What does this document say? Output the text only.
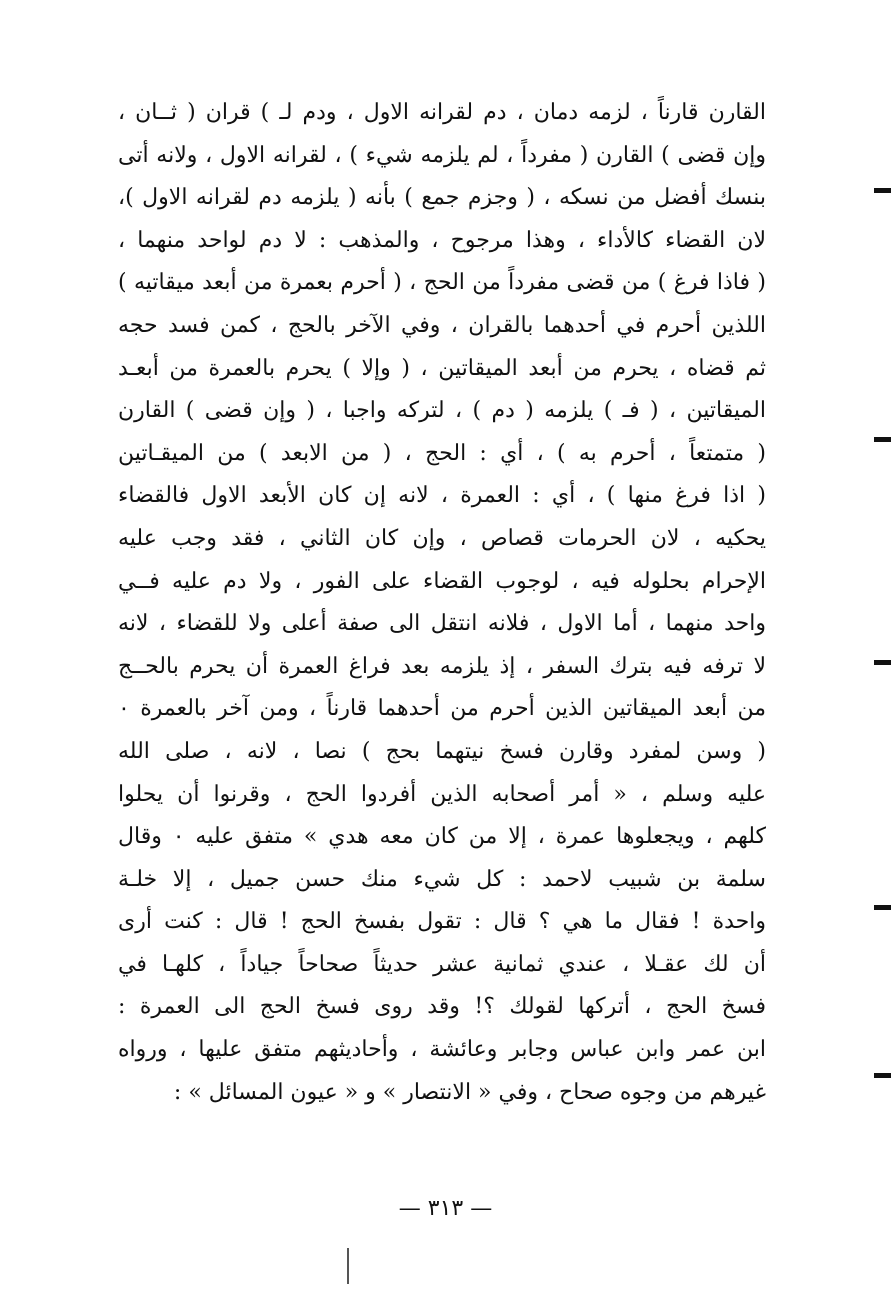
القارن قارناً ، لزمه دمان ، دم لقرانه الاول ، ودم لـ ) قران ( ثــان ،
وإن قضى ) القارن ( مفرداً ، لم يلزمه شيء ) ، لقرانه الاول ، ولانه أتى
بنسك أفضل من نسكه ، ( وجزم جمع ) بأنه ( يلزمه دم لقرانه الاول )،
لان القضاء كالأداء ، وهذا مرجوح ، والمذهب : لا دم لواحد منهما ،
( فاذا فرغ ) من قضى مفرداً من الحج ، ( أحرم بعمرة من أبعد ميقاتيه )
اللذين أحرم في أحدهما بالقران ، وفي الآخر بالحج ، كمن فسد حجه
ثم قضاه ، يحرم من أبعد الميقاتين ، ( وإلا ) يحرم بالعمرة من أبعـد
الميقاتين ، ( فـ ) يلزمه ( دم ) ، لتركه واجبا ، ( وإن قضى ) القارن
( متمتعاً ، أحرم به ) ، أي : الحج ، ( من الابعد ) من الميقـاتين
( اذا فرغ منها ) ، أي : العمرة ، لانه إن كان الأبعد الاول فالقضاء
يحكيه ، لان الحرمات قصاص ، وإن كان الثاني ، فقد وجب عليه
الإحرام بحلوله فيه ، لوجوب القضاء على الفور ، ولا دم عليه فــي
واحد منهما ، أما الاول ، فلانه انتقل الى صفة أعلى ولا للقضاء ، لانه
لا ترفه فيه بترك السفر ، إذ يلزمه بعد فراغ العمرة أن يحرم بالحــج
من أبعد الميقاتين الذين أحرم من أحدهما قارناً ، ومن آخر بالعمرة ٠
( وسن لمفرد وقارن فسخ نيتهما بحج ) نصا ، لانه ، صلى الله
عليه وسلم ، « أمر أصحابه الذين أفردوا الحج ، وقرنوا أن يحلوا
كلهم ، ويجعلوها عمرة ، إلا من كان معه هدي » متفق عليه ٠ وقال
سلمة بن شبيب لاحمد : كل شيء منك حسن جميل ، إلا خلـة
واحدة ! فقال ما هي ؟ قال : تقول بفسخ الحج ! قال : كنت أرى
أن لك عقـلا ، عندي ثمانية عشر حديثاً صحاحاً جياداً ، كلهـا في
فسخ الحج ، أتركها لقولك ؟! وقد روى فسخ الحج الى العمرة :
ابن عمر وابن عباس وجابر وعائشة ، وأحاديثهم متفق عليها ، ورواه
غيرهم من وجوه صحاح ، وفي « الانتصار » و « عيون المسائل » :
— ٣١٣ —
